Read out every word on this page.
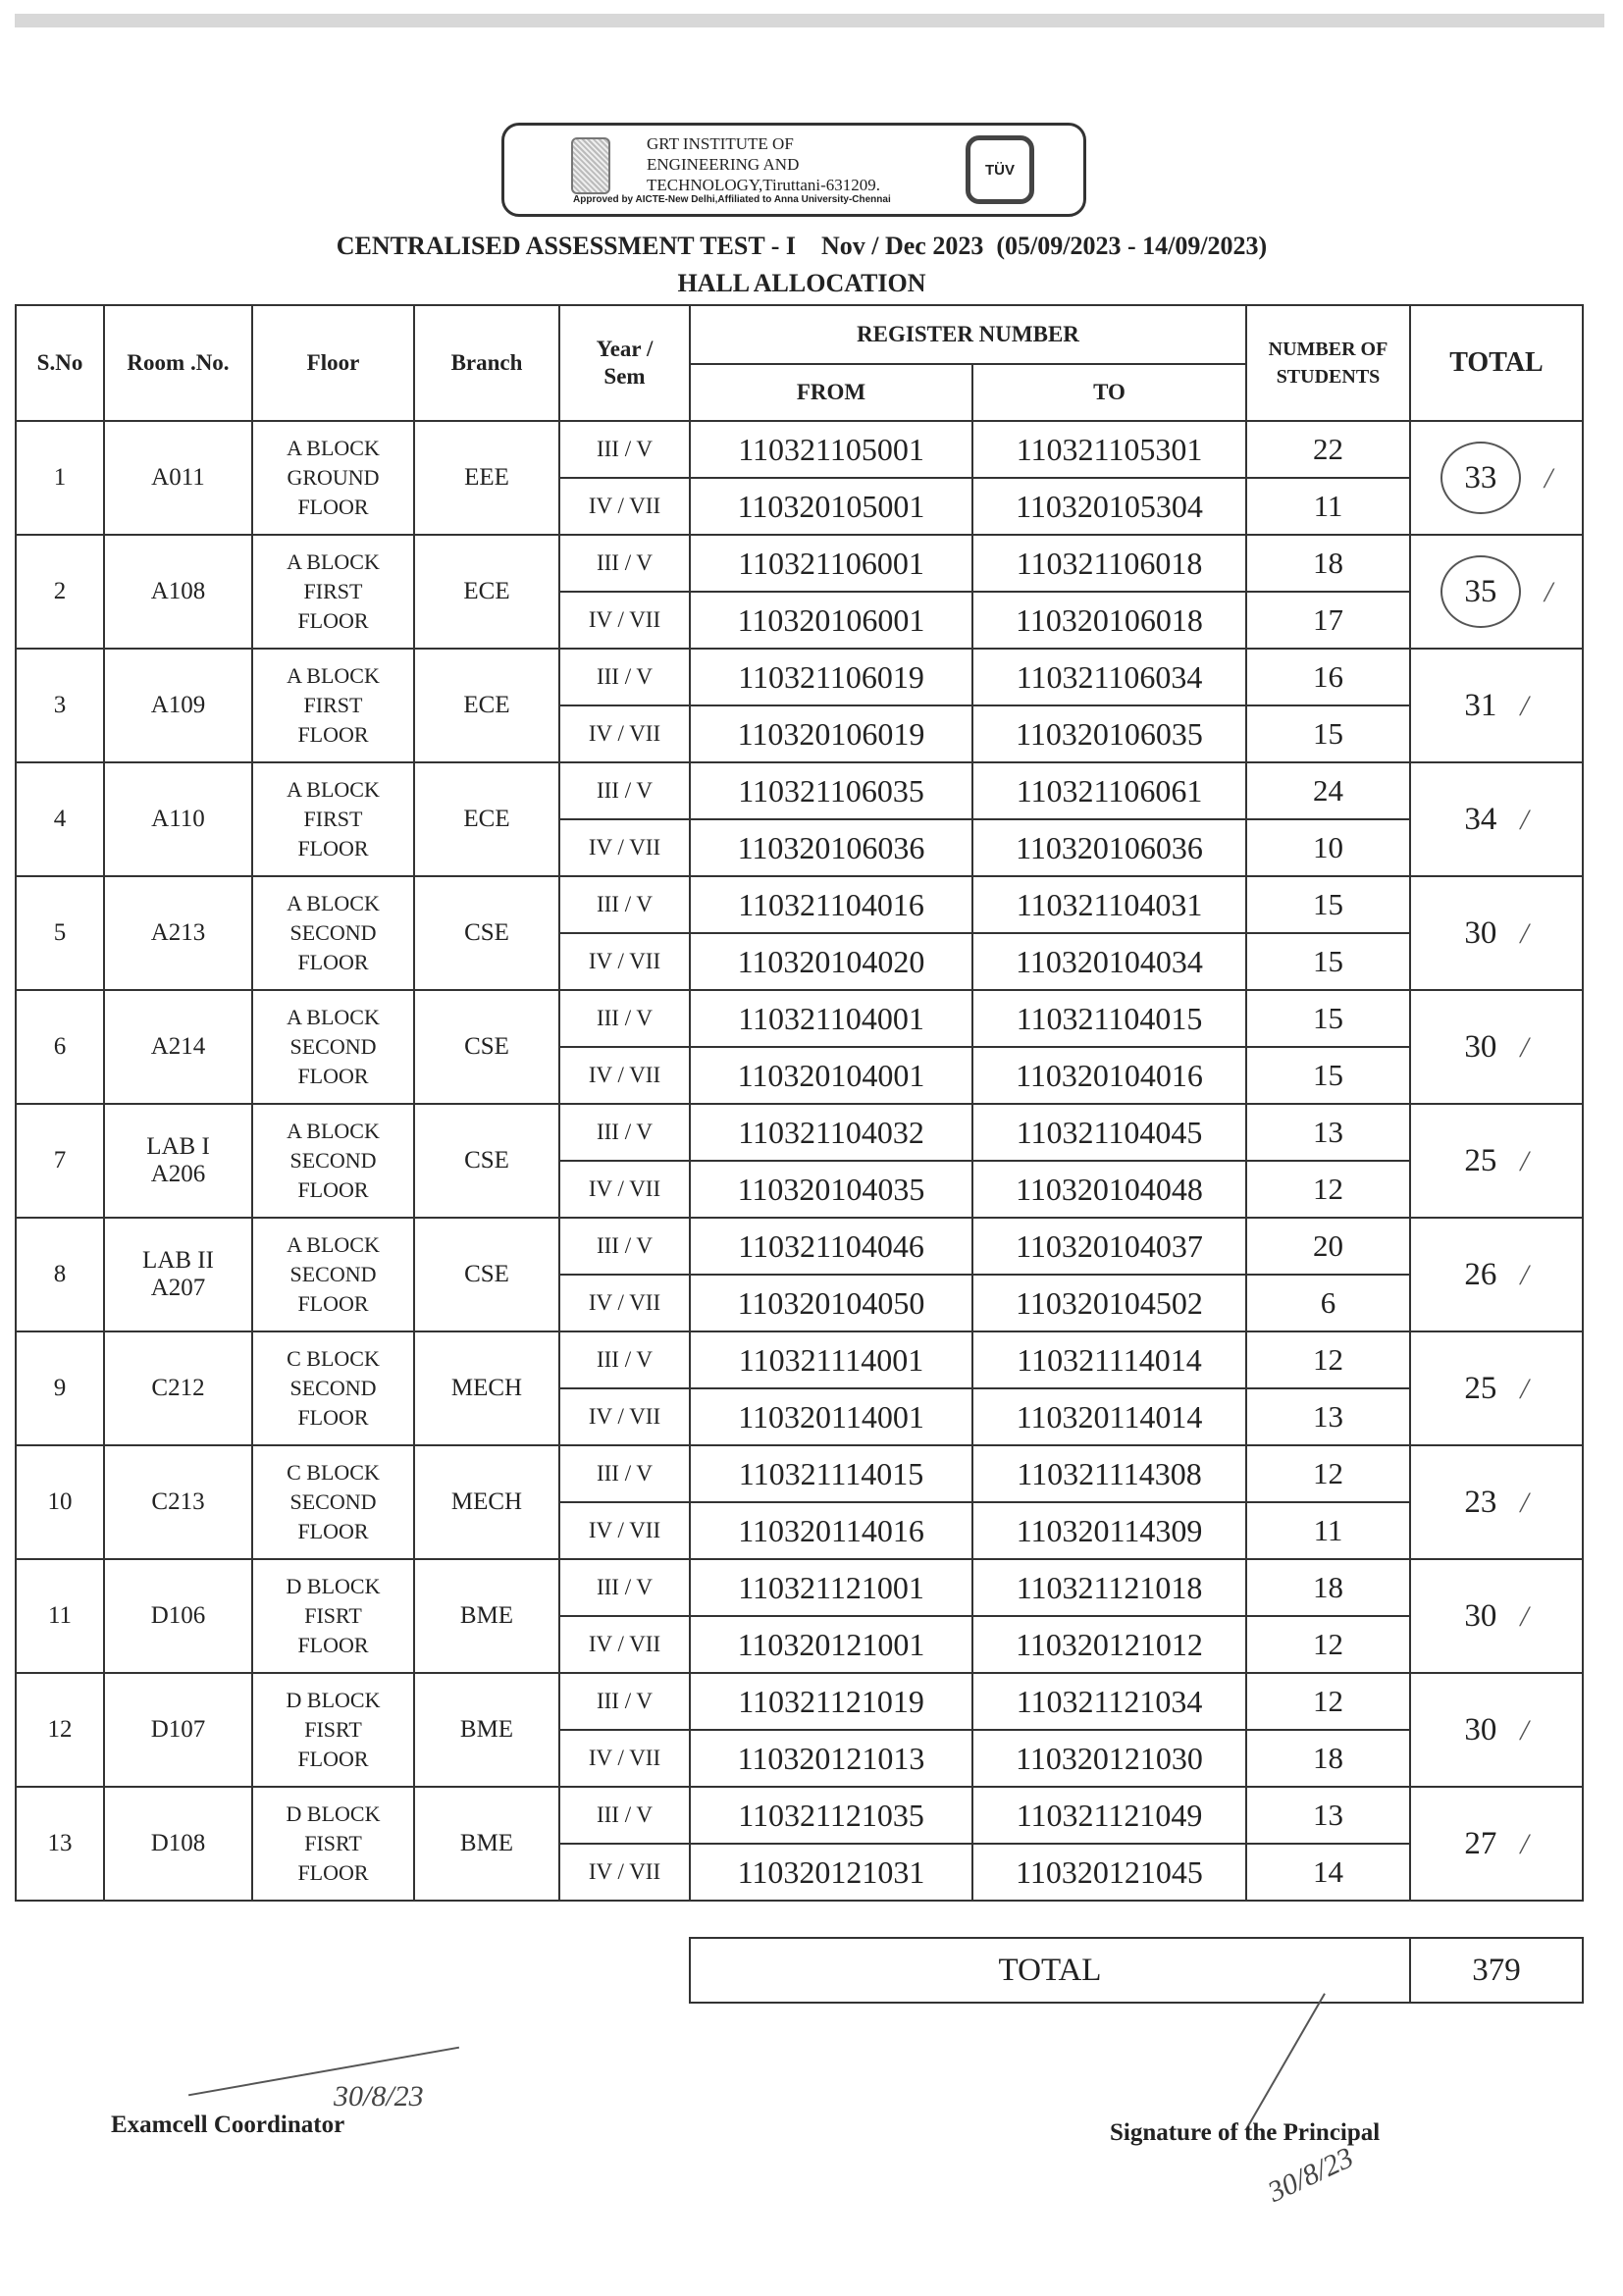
GRT INSTITUTE OF
ENGINEERING AND
TECHNOLOGY,Tiruttani-631209.
TÜV
Approved by AICTE-New Delhi,Affiliated to Anna University-Chennai
CENTRALISED ASSESSMENT TEST - I    Nov / Dec 2023  (05/09/2023 - 14/09/2023)
HALL ALLOCATION
S.No	Room .No.	Floor	Branch	Year / Sem	REGISTER NUMBER		NUMBER OF STUDENTS	TOTAL
					FROM	TO		
1	A011	A BLOCK GROUND FLOOR	EEE	III / V	110321105001	110321105301	22	33 /
				IV / VII	110320105001	110320105304	11	
2	A108	A BLOCK FIRST FLOOR	ECE	III / V	110321106001	110321106018	18	35 /
				IV / VII	110320106001	110320106018	17	
3	A109	A BLOCK FIRST FLOOR	ECE	III / V	110321106019	110321106034	16	31 /
				IV / VII	110320106019	110320106035	15	
4	A110	A BLOCK FIRST FLOOR	ECE	III / V	110321106035	110321106061	24	34 /
				IV / VII	110320106036	110320106036	10	
5	A213	A BLOCK SECOND FLOOR	CSE	III / V	110321104016	110321104031	15	30 /
				IV / VII	110320104020	110320104034	15	
6	A214	A BLOCK SECOND FLOOR	CSE	III / V	110321104001	110321104015	15	30 /
				IV / VII	110320104001	110320104016	15	
7	LAB I A206	A BLOCK SECOND FLOOR	CSE	III / V	110321104032	110321104045	13	25 /
				IV / VII	110320104035	110320104048	12	
8	LAB II A207	A BLOCK SECOND FLOOR	CSE	III / V	110321104046	110320104037	20	26 /
				IV / VII	110320104050	110320104502	6	
9	C212	C BLOCK SECOND FLOOR	MECH	III / V	110321114001	110321114014	12	25 /
				IV / VII	110320114001	110320114014	13	
10	C213	C BLOCK SECOND FLOOR	MECH	III / V	110321114015	110321114308	12	23 /
				IV / VII	110320114016	110320114309	11	
11	D106	D BLOCK FISRT FLOOR	BME	III / V	110321121001	110321121018	18	30 /
				IV / VII	110320121001	110320121012	12	
12	D107	D BLOCK FISRT FLOOR	BME	III / V	110321121019	110321121034	12	30 /
				IV / VII	110320121013	110320121030	18	
13	D108	D BLOCK FISRT FLOOR	BME	III / V	110321121035	110321121049	13	27 /
				IV / VII	110320121031	110320121045	14	
TOTAL	379
30/8/23
Examcell Coordinator	Signature of the Principal
30/8/23
